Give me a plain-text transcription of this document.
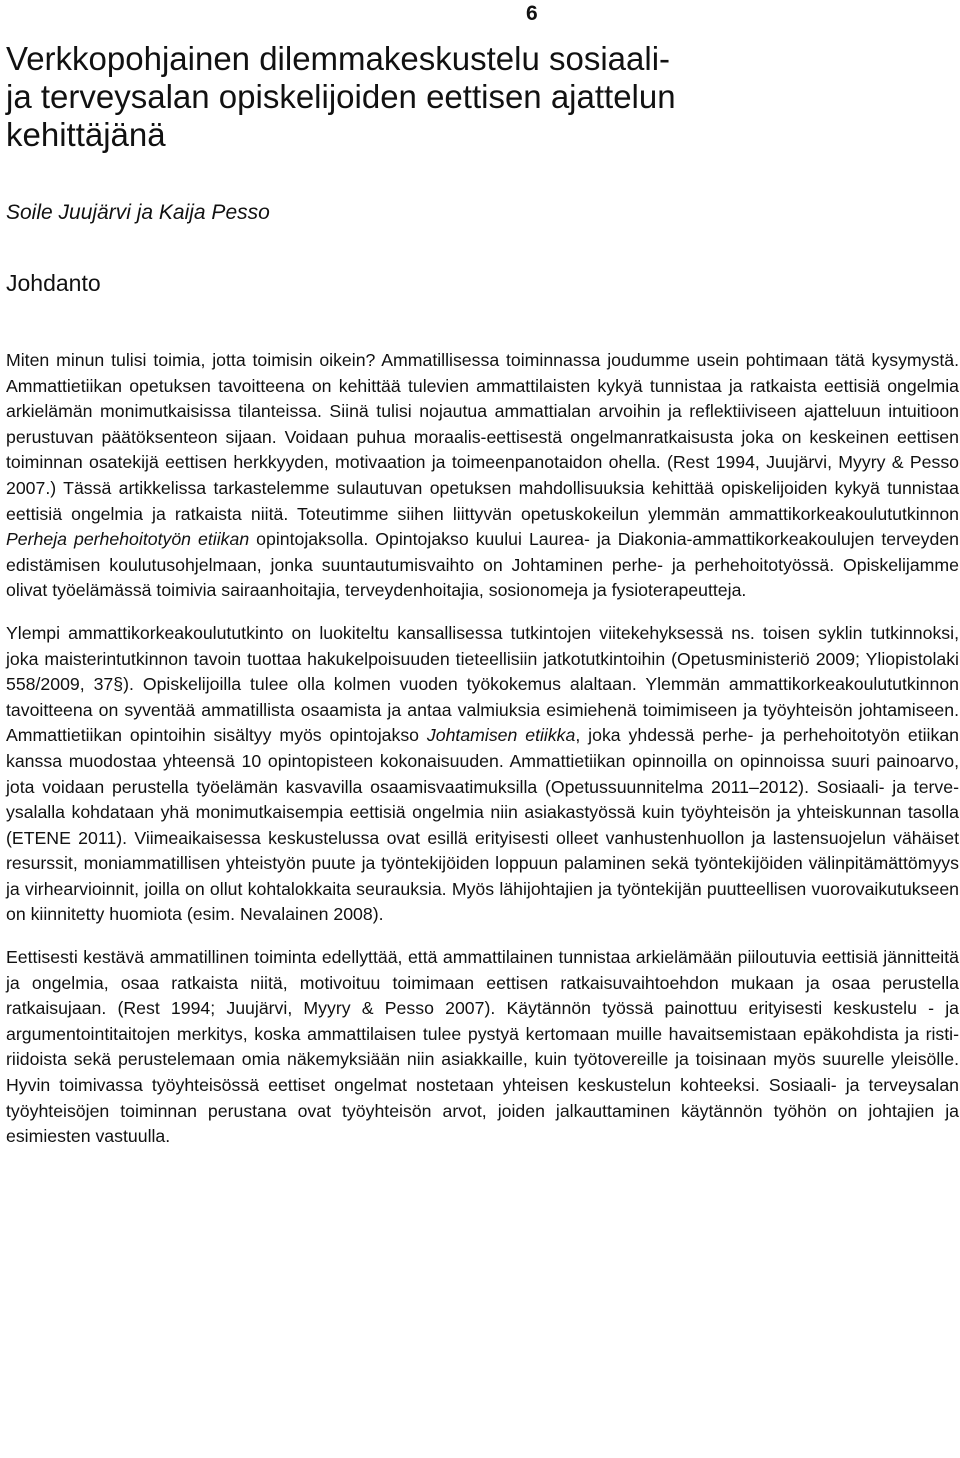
6
Verkkopohjainen dilemmakeskustelu sosiaali-
ja terveysalan opiskelijoiden eettisen ajattelun
kehittäjänä

Soile Juujärvi ja Kaija Pesso

Johdanto

Miten minun tulisi toimia, jotta toimisin oikein? Ammatillisessa toiminnassa joudumme usein pohtimaan tätä kysymystä. Ammattietiikan opetuksen tavoitteena on kehittää tulevien ammattilaisten kykyä tunnistaa ja ratkaista eettisiä ongelmia arkielämän monimutkaisissa tilanteissa. Siinä tulisi nojautua ammattialan arvoihin ja reflektiiviseen ajatteluun intuitioon perustuvan päätöksenteon sijaan. Voidaan puhua moraalis-eettisestä ongelmanratkaisusta joka on keskeinen eettisen toiminnan osatekijä eettisen herkkyyden, motivaation ja toimeenpanotaidon ohella. (Rest 1994, Juujärvi, Myyry & Pesso 2007.) Tässä artikkelissa tarkastelemme sulautuvan opetuksen mahdollisuuksia kehittää opiskelijoiden kykyä tunnistaa eettisiä ongelmia ja ratkaista niitä. Toteutimme siihen liittyvän opetuskokeilun ylemmän ammattikorkeakoulututkinnon Perheja perhehoitotyön etiikan opintojaksolla. Opintojakso kuului Laurea- ja Diakonia-ammattikorkeakoulujen terveyden edistämisen koulutusohjelmaan, jonka suuntautumisvaihto on Johtaminen perhe- ja perhehoitotyössä. Opiskelijamme olivat työelämässä toimivia sairaanhoitajia, terveydenhoitajia, sosionomeja ja fysioterapeutteja.

Ylempi ammattikorkeakoulututkinto on luokiteltu kansallisessa tutkintojen viitekehyksessä ns. toisen syklin tutkinnoksi, joka maisterintutkinnon tavoin tuottaa hakukelpoisuuden tieteellisiin jatkotutkintoihin (Opetusministeriö 2009; Yliopistolaki 558/2009, 37§). Opiskelijoilla tulee olla kolmen vuoden työkokemus alaltaan. Ylemmän ammattikorkeakoulututkinnon tavoitteena on syventää ammatillista osaamista ja antaa valmiuksia esimiehenä toimimiseen ja työyhteisön johtamiseen. Ammattietiikan opintoihin sisältyy myös opintojakso Johtamisen etiikka, joka yhdessä perhe- ja perhehoitotyön etiikan kanssa muodostaa yhteensä 10 opintopisteen kokonaisuuden. Ammattietiikan opinnoilla on opinnoissa suuri painoarvo, jota voidaan perustella työelämän kasvavilla osaamisvaatimuksilla (Opetussuunnitelma 2011–2012). Sosiaali- ja terveysalalla kohdataan yhä monimutkaisempia eettisiä ongelmia niin asiakastyössä kuin työyhteisön ja yhteiskunnan tasolla (ETENE 2011). Viimeaikaisessa keskustelussa ovat esillä erityisesti olleet vanhustenhuollon ja lastensuojelun vähäiset resurssit, moniammatillisen yhteistyön puute ja työntekijöiden loppuun palaminen sekä työntekijöiden välinpitämättömyys ja virhearvioinnit, joilla on ollut kohtalokkaita seurauksia. Myös lähijohtajien ja työntekijän puutteellisen vuorovaikutukseen on kiinnitetty huomiota (esim. Nevalainen 2008).

Eettisesti kestävä ammatillinen toiminta edellyttää, että ammattilainen tunnistaa arkielämään piiloutuvia eettisiä jännitteitä ja ongelmia, osaa ratkaista niitä, motivoituu toimimaan eettisen ratkaisuvaihtoehdon mukaan ja osaa perustella ratkaisujaan. (Rest 1994; Juujärvi, Myyry & Pesso 2007). Käytännön työssä painottuu erityisesti keskustelu - ja argumentointitaitojen merkitys, koska ammattilaisen tulee pystyä kertomaan muille havaitsemistaan epäkohdista ja ristiriidoista sekä perustelemaan omia näkemyksiään niin asiakkaille, kuin työtovereille ja toisinaan myös suurelle yleisölle. Hyvin toimivassa työyhteisössä eettiset ongelmat nostetaan yhteisen keskustelun kohteeksi. Sosiaali- ja terveysalan työyhteisöjen toiminnan perustana ovat työyhteisön arvot, joiden jalkauttaminen käytännön työhön on johtajien ja esimiesten vastuulla.
